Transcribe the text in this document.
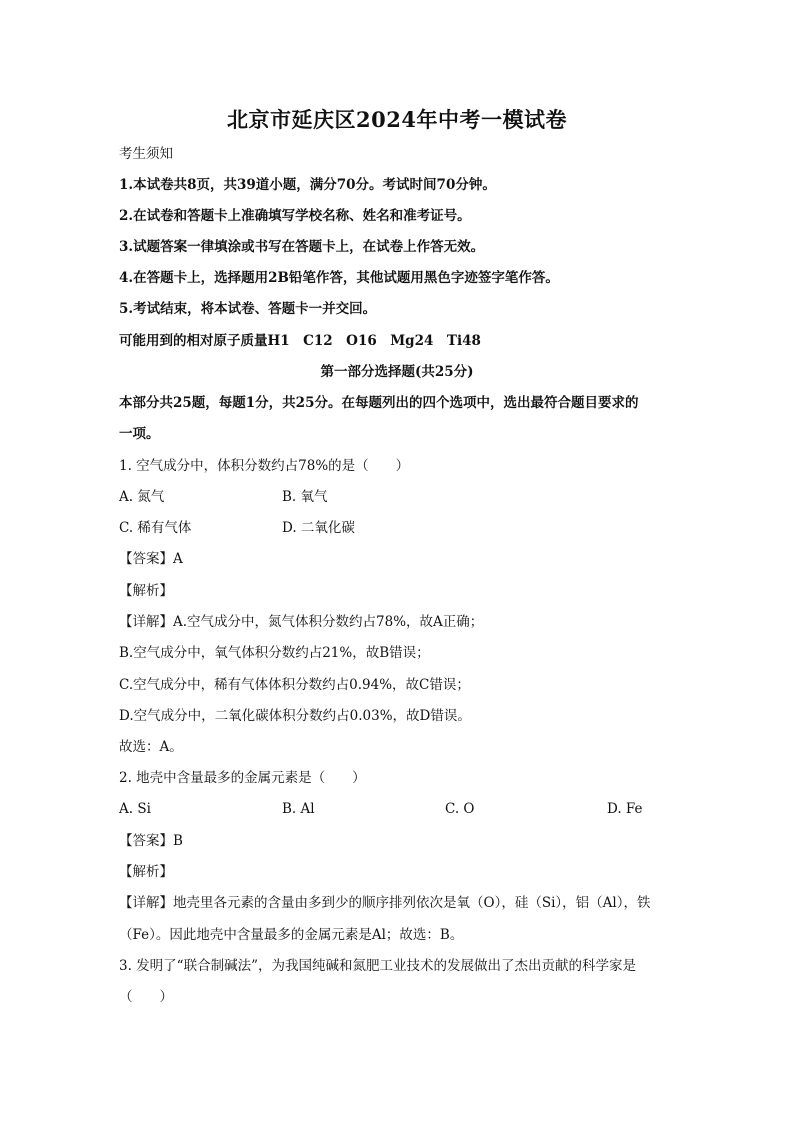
北京市延庆区2024年中考一模试卷
考生须知
1.本试卷共8页，共39道小题，满分70分。考试时间70分钟。
2.在试卷和答题卡上准确填写学校名称、姓名和准考证号。
3.试题答案一律填涂或书写在答题卡上，在试卷上作答无效。
4.在答题卡上，选择题用2B铅笔作答，其他试题用黑色字迹签字笔作答。
5.考试结束，将本试卷、答题卡一并交回。
可能用到的相对原子质量H1　C12　O16　Mg24　Ti48
第一部分选择题(共25分)
本部分共25题，每题1分，共25分。在每题列出的四个选项中，选出最符合题目要求的
一项。
1. 空气成分中，体积分数约占78%的是（　　）
A. 氮气	B. 氧气
C. 稀有气体	D. 二氧化碳
【答案】A
【解析】
【详解】A.空气成分中，氮气体积分数约占78%，故A正确；
B.空气成分中，氧气体积分数约占21%，故B错误；
C.空气成分中，稀有气体体积分数约占0.94%，故C错误；
D.空气成分中，二氧化碳体积分数约占0.03%，故D错误。
故选：A。
2. 地壳中含量最多的金属元素是（　　）
A. Si	B. Al	C. O	D. Fe
【答案】B
【解析】
【详解】地壳里各元素的含量由多到少的顺序排列依次是氧（O），硅（Si），铝（Al），铁
（Fe）。因此地壳中含量最多的金属元素是Al；故选：B。
3. 发明了“联合制碱法”，为我国纯碱和氮肥工业技术的发展做出了杰出贡献的科学家是
（　　）
